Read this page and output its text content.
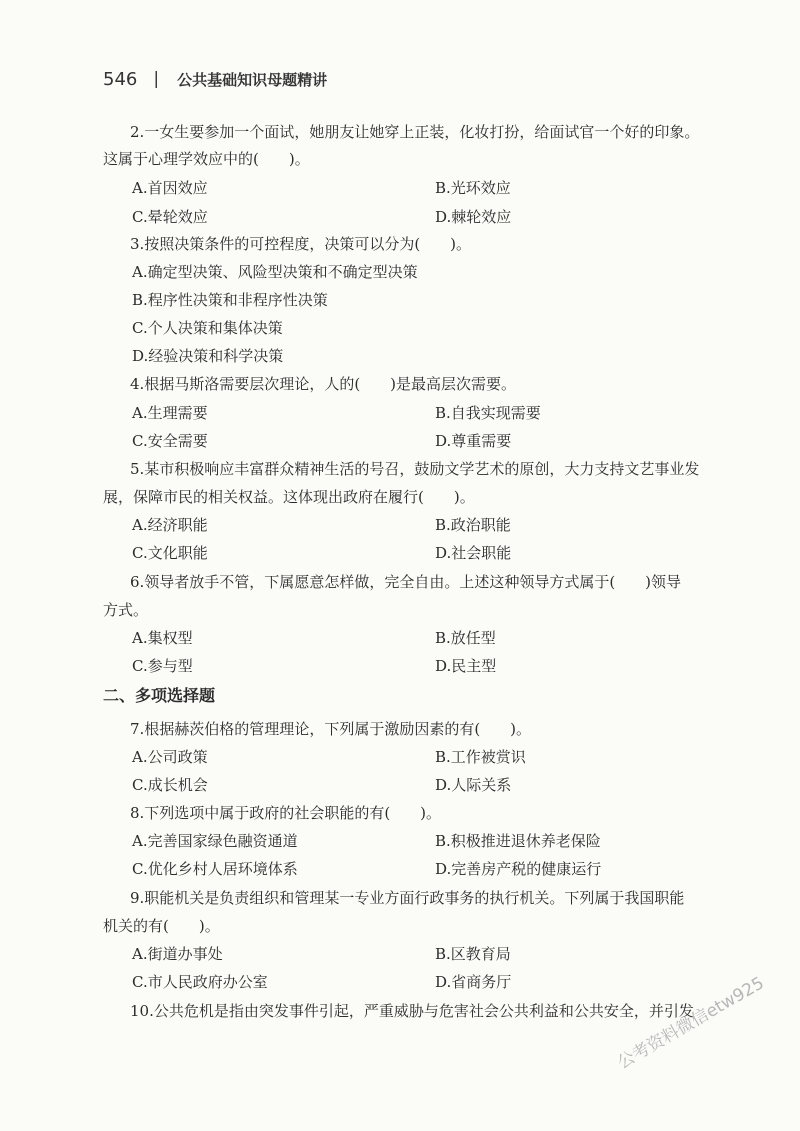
546 | 公共基础知识母题精讲
2.一女生要参加一个面试，她朋友让她穿上正装，化妆打扮，给面试官一个好的印象。
这属于心理学效应中的(　　)。
A.首因效应	B.光环效应
C.晕轮效应	D.棘轮效应
3.按照决策条件的可控程度，决策可以分为(　　)。
A.确定型决策、风险型决策和不确定型决策
B.程序性决策和非程序性决策
C.个人决策和集体决策
D.经验决策和科学决策
4.根据马斯洛需要层次理论，人的(　　)是最高层次需要。
A.生理需要	B.自我实现需要
C.安全需要	D.尊重需要
5.某市积极响应丰富群众精神生活的号召，鼓励文学艺术的原创，大力支持文艺事业发
展，保障市民的相关权益。这体现出政府在履行(　　)。
A.经济职能	B.政治职能
C.文化职能	D.社会职能
6.领导者放手不管，下属愿意怎样做，完全自由。上述这种领导方式属于(　　)领导
方式。
A.集权型	B.放任型
C.参与型	D.民主型
二、多项选择题
7.根据赫茨伯格的管理理论，下列属于激励因素的有(　　)。
A.公司政策	B.工作被赏识
C.成长机会	D.人际关系
8.下列选项中属于政府的社会职能的有(　　)。
A.完善国家绿色融资通道	B.积极推进退休养老保险
C.优化乡村人居环境体系	D.完善房产税的健康运行
9.职能机关是负责组织和管理某一专业方面行政事务的执行机关。下列属于我国职能
机关的有(　　)。
A.街道办事处	B.区教育局
C.市人民政府办公室	D.省商务厅
10.公共危机是指由突发事件引起，严重威胁与危害社会公共利益和公共安全，并引发
公考资料微信etw925
